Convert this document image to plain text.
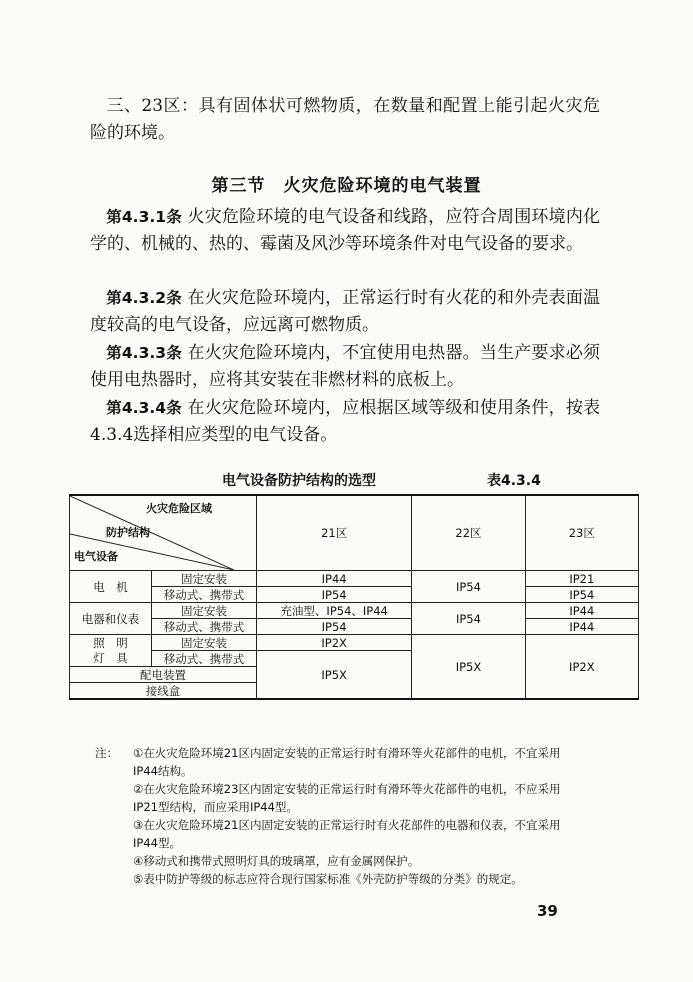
三、23区：具有固体状可燃物质，在数量和配置上能引起火灾危险的环境。
第三节　火灾危险环境的电气装置
第4.3.1条 火灾危险环境的电气设备和线路，应符合周围环境内化学的、机械的、热的、霉菌及风沙等环境条件对电气设备的要求。
第4.3.2条 在火灾危险环境内，正常运行时有火花的和外壳表面温度较高的电气设备，应远离可燃物质。
第4.3.3条 在火灾危险环境内，不宜使用电热器。当生产要求必须使用电热器时，应将其安装在非燃材料的底板上。
第4.3.4条 在火灾危险环境内，应根据区域等级和使用条件，按表4.3.4选择相应类型的电气设备。
电气设备防护结构的选型	表4.3.4
火灾危险区域
防护结构
电气设备		21区	22区	23区
电　机	固定安装	IP44	IP54	IP21
	移动式、携带式	IP54		IP54
电器和仪表	固定安装	充油型、IP54、IP44	IP54	IP44
	移动式、携带式	IP54		IP44
照　明
灯　具	固定安装	IP2X	IP5X	IP2X
	移动式、携带式	IP5X		
配电装置				
接线盒				
注： ①在火灾危险环境21区内固定安装的正常运行时有滑环等火花部件的电机，不宜采用IP44结构。
②在火灾危险环境23区内固定安装的正常运行时有滑环等火花部件的电机，不应采用IP21型结构，而应采用IP44型。
③在火灾危险环境21区内固定安装的正常运行时有火花部件的电器和仪表，不宜采用IP44型。
④移动式和携带式照明灯具的玻璃罩，应有金属网保护。
⑤表中防护等级的标志应符合现行国家标准《外壳防护等级的分类》的规定。
39
